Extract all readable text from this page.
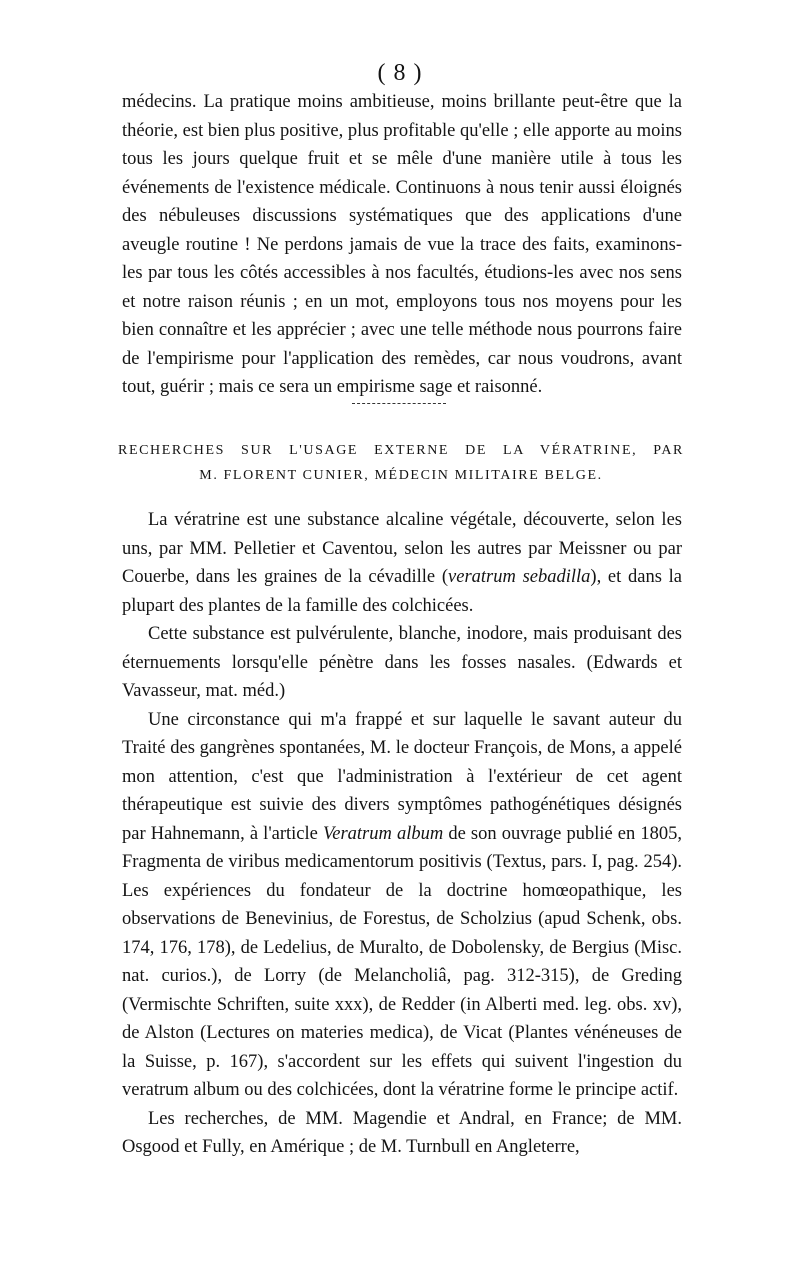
( 8 )

médecins. La pratique moins ambitieuse, moins brillante peut-être que la théorie, est bien plus positive, plus profitable qu'elle ; elle apporte au moins tous les jours quelque fruit et se mêle d'une manière utile à tous les événements de l'existence médicale. Continuons à nous tenir aussi éloignés des nébuleuses discussions systématiques que des applications d'une aveugle routine ! Ne perdons jamais de vue la trace des faits, examinons-les par tous les côtés accessibles à nos facultés, étudions-les avec nos sens et notre raison réunis ; en un mot, employons tous nos moyens pour les bien connaître et les apprécier ; avec une telle méthode nous pourrons faire de l'empirisme pour l'application des remèdes, car nous voudrons, avant tout, guérir ; mais ce sera un empirisme sage et raisonné.

RECHERCHES SUR L'USAGE EXTERNE DE LA VÉRATRINE, PAR
M. FLORENT CUNIER, MÉDECIN MILITAIRE BELGE.

La vératrine est une substance alcaline végétale, découverte, selon les uns, par MM. Pelletier et Caventou, selon les autres par Meissner ou par Couerbe, dans les graines de la cévadille (veratrum sebadilla), et dans la plupart des plantes de la famille des colchicées.

Cette substance est pulvérulente, blanche, inodore, mais produisant des éternuements lorsqu'elle pénètre dans les fosses nasales. (Edwards et Vavasseur, mat. méd.)

Une circonstance qui m'a frappé et sur laquelle le savant auteur du Traité des gangrènes spontanées, M. le docteur François, de Mons, a appelé mon attention, c'est que l'administration à l'extérieur de cet agent thérapeutique est suivie des divers symptômes pathogénétiques désignés par Hahnemann, à l'article Veratrum album de son ouvrage publié en 1805, Fragmenta de viribus medicamentorum positivis (Textus, pars. I, pag. 254). Les expériences du fondateur de la doctrine homœopathique, les observations de Benevinius, de Forestus, de Scholzius (apud Schenk, obs. 174, 176, 178), de Ledelius, de Muralto, de Dobolensky, de Bergius (Misc. nat. curios.), de Lorry (de Melancholiâ, pag. 312-315), de Greding (Vermischte Schriften, suite xxx), de Redder (in Alberti med. leg. obs. xv), de Alston (Lectures on materies medica), de Vicat (Plantes vénéneuses de la Suisse, p. 167), s'accordent sur les effets qui suivent l'ingestion du veratrum album ou des colchicées, dont la vératrine forme le principe actif.

Les recherches, de MM. Magendie et Andral, en France; de MM. Osgood et Fully, en Amérique ; de M. Turnbull en Angleterre,
